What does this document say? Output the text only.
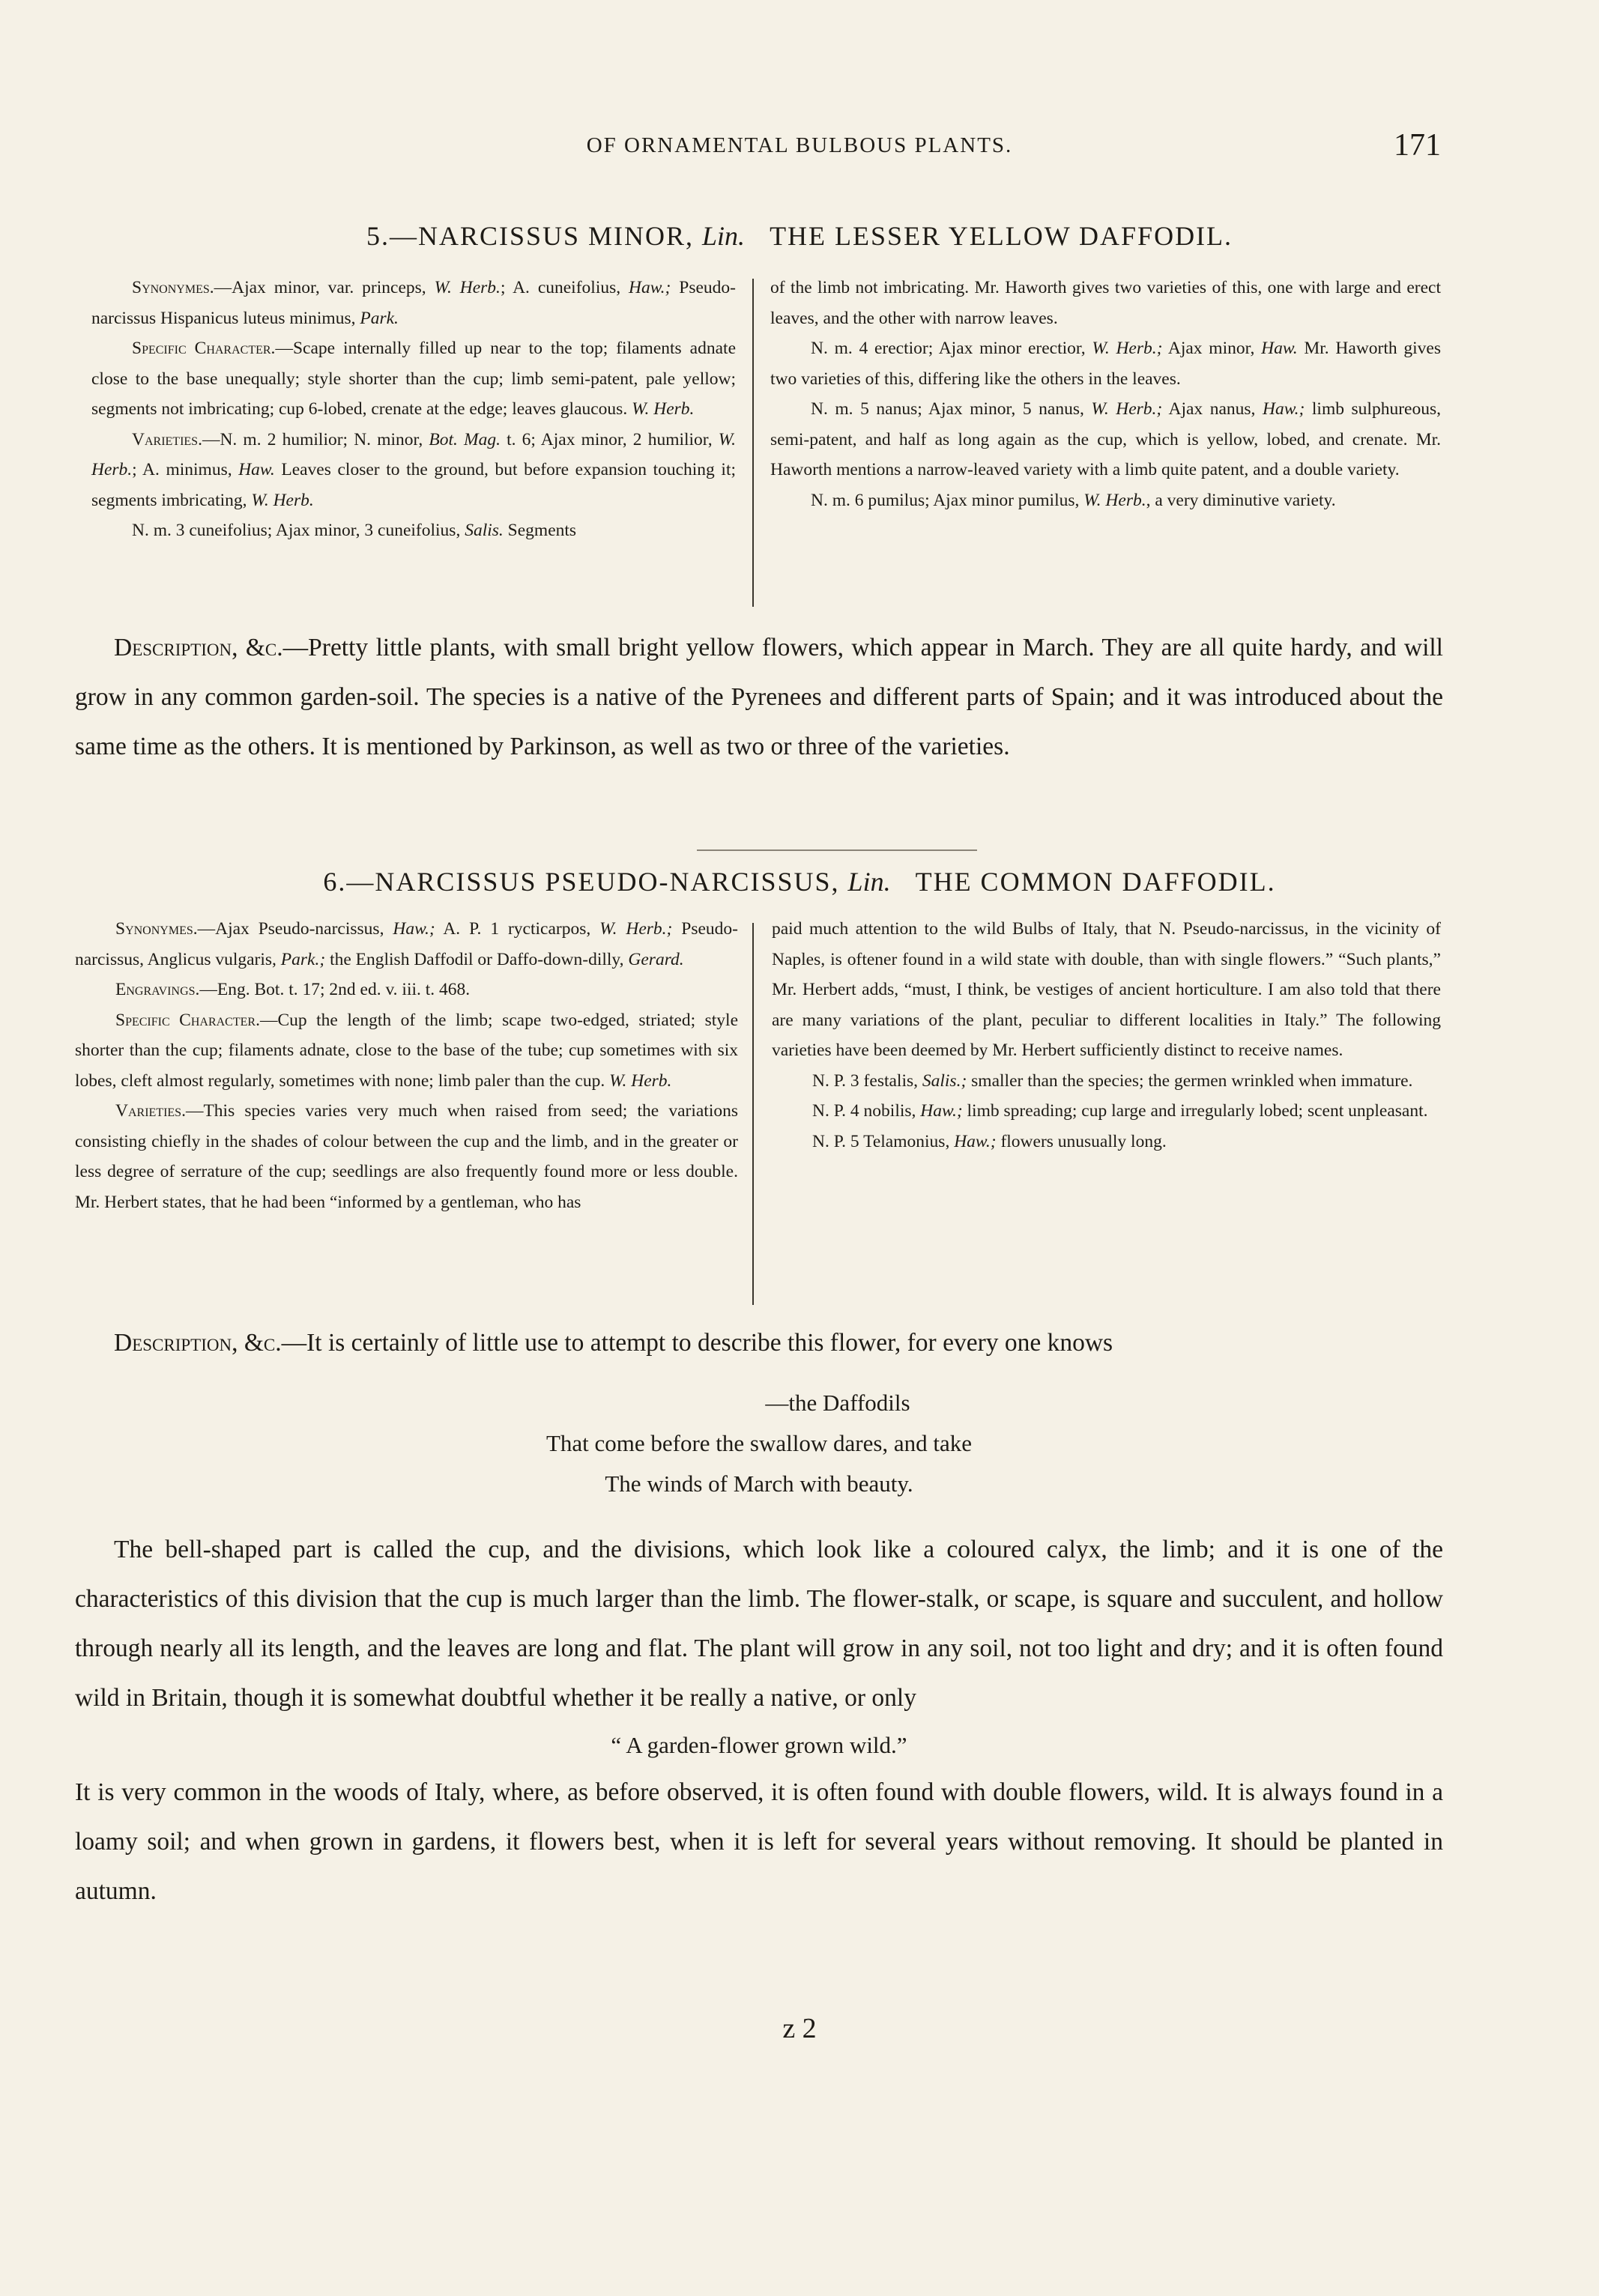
OF ORNAMENTAL BULBOUS PLANTS.	171
5.—NARCISSUS MINOR, Lin. THE LESSER YELLOW DAFFODIL.

Synonymes.—Ajax minor, var. princeps, W. Herb.; A. cuneifolius, Haw.; Pseudo-narcissus Hispanicus luteus minimus, Park.

Specific Character.—Scape internally filled up near to the top; filaments adnate close to the base unequally; style shorter than the cup; limb semi-patent, pale yellow; segments not imbricating; cup 6-lobed, crenate at the edge; leaves glaucous. W. Herb.

Varieties.—N. m. 2 humilior; N. minor, Bot. Mag. t. 6; Ajax minor, 2 humilior, W. Herb.; A. minimus, Haw. Leaves closer to the ground, but before expansion touching it; segments imbricating, W. Herb.

N. m. 3 cuneifolius; Ajax minor, 3 cuneifolius, Salis. Segments

of the limb not imbricating. Mr. Haworth gives two varieties of this, one with large and erect leaves, and the other with narrow leaves.

N. m. 4 erectior; Ajax minor erectior, W. Herb.; Ajax minor, Haw. Mr. Haworth gives two varieties of this, differing like the others in the leaves.

N. m. 5 nanus; Ajax minor, 5 nanus, W. Herb.; Ajax nanus, Haw.; limb sulphureous, semi-patent, and half as long again as the cup, which is yellow, lobed, and crenate. Mr. Haworth mentions a narrow-leaved variety with a limb quite patent, and a double variety.

N. m. 6 pumilus; Ajax minor pumilus, W. Herb., a very diminutive variety.

Description, &c.—Pretty little plants, with small bright yellow flowers, which appear in March. They are all quite hardy, and will grow in any common garden-soil. The species is a native of the Pyrenees and different parts of Spain; and it was introduced about the same time as the others. It is mentioned by Parkinson, as well as two or three of the varieties.

6.—NARCISSUS PSEUDO-NARCISSUS, Lin. THE COMMON DAFFODIL.

Synonymes.—Ajax Pseudo-narcissus, Haw.; A. P. 1 rycticarpos, W. Herb.; Pseudo-narcissus, Anglicus vulgaris, Park.; the English Daffodil or Daffo-down-dilly, Gerard.

Engravings.—Eng. Bot. t. 17; 2nd ed. v. iii. t. 468.

Specific Character.—Cup the length of the limb; scape two-edged, striated; style shorter than the cup; filaments adnate, close to the base of the tube; cup sometimes with six lobes, cleft almost regularly, sometimes with none; limb paler than the cup. W. Herb.

Varieties.—This species varies very much when raised from seed; the variations consisting chiefly in the shades of colour between the cup and the limb, and in the greater or less degree of serrature of the cup; seedlings are also frequently found more or less double. Mr. Herbert states, that he had been “informed by a gentleman, who has

paid much attention to the wild Bulbs of Italy, that N. Pseudo-narcissus, in the vicinity of Naples, is oftener found in a wild state with double, than with single flowers.” “Such plants,” Mr. Herbert adds, “must, I think, be vestiges of ancient horticulture. I am also told that there are many variations of the plant, peculiar to different localities in Italy.” The following varieties have been deemed by Mr. Herbert sufficiently distinct to receive names.

N. P. 3 festalis, Salis.; smaller than the species; the germen wrinkled when immature.

N. P. 4 nobilis, Haw.; limb spreading; cup large and irregularly lobed; scent unpleasant.

N. P. 5 Telamonius, Haw.; flowers unusually long.

Description, &c.—It is certainly of little use to attempt to describe this flower, for every one knows

—the Daffodils

That come before the swallow dares, and take

The winds of March with beauty.

The bell-shaped part is called the cup, and the divisions, which look like a coloured calyx, the limb; and it is one of the characteristics of this division that the cup is much larger than the limb. The flower-stalk, or scape, is square and succulent, and hollow through nearly all its length, and the leaves are long and flat. The plant will grow in any soil, not too light and dry; and it is often found wild in Britain, though it is somewhat doubtful whether it be really a native, or only

“ A garden-flower grown wild.”

It is very common in the woods of Italy, where, as before observed, it is often found with double flowers, wild. It is always found in a loamy soil; and when grown in gardens, it flowers best, when it is left for several years without removing. It should be planted in autumn.

z 2
